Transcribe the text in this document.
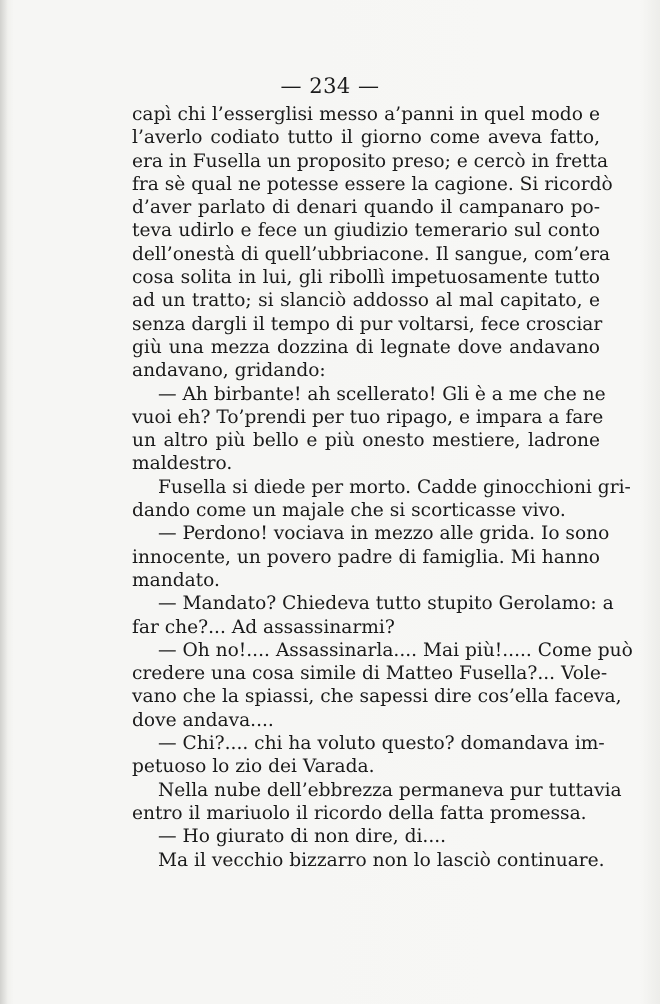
— 234 —
capì chi l’esserglisi messo a’panni in quel modo e
l’averlo codiato tutto il giorno come aveva fatto,
era in Fusella un proposito preso; e cercò in fretta
fra sè qual ne potesse essere la cagione. Si ricordò
d’aver parlato di denari quando il campanaro po-
teva udirlo e fece un giudizio temerario sul conto
dell’onestà di quell’ubbriacone. Il sangue, com’era
cosa solita in lui, gli ribollì impetuosamente tutto
ad un tratto; si slanciò addosso al mal capitato, e
senza dargli il tempo di pur voltarsi, fece crosciar
giù una mezza dozzina di legnate dove andavano
andavano, gridando:
— Ah birbante! ah scellerato! Gli è a me che ne
vuoi eh? To’prendi per tuo ripago, e impara a fare
un altro più bello e più onesto mestiere, ladrone
maldestro.
Fusella si diede per morto. Cadde ginocchioni gri-
dando come un majale che si scorticasse vivo.
— Perdono! vociava in mezzo alle grida. Io sono
innocente, un povero padre di famiglia. Mi hanno
mandato.
— Mandato? Chiedeva tutto stupito Gerolamo: a
far che?... Ad assassinarmi?
— Oh no!.... Assassinarla.... Mai più!..... Come può
credere una cosa simile di Matteo Fusella?... Vole-
vano che la spiassi, che sapessi dire cos’ella faceva,
dove andava....
— Chi?.... chi ha voluto questo? domandava im-
petuoso lo zio dei Varada.
Nella nube dell’ebbrezza permaneva pur tuttavia
entro il mariuolo il ricordo della fatta promessa.
— Ho giurato di non dire, di....
Ma il vecchio bizzarro non lo lasciò continuare.
